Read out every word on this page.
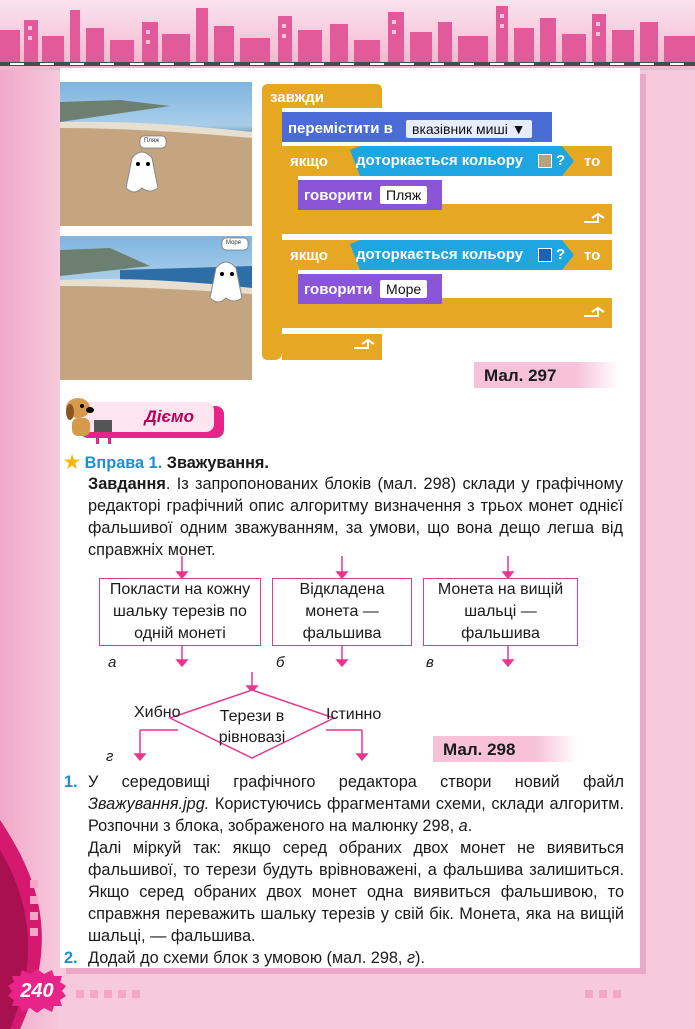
Пляж
Море
завжди
перемістити в	вказівник миші ▼
якщо доторкається кольору ? то
говорити Пляж
якщо доторкається кольору ? то
говорити Море
Мал. 297
Діємо
★ Вправа 1. Зважування.
Завдання. Із запропонованих блоків (мал. 298) склади у графічному редакторі графічний опис алгоритму визначення з трьох монет однієї фальшивої одним зважуванням, за умови, що вона дещо легша від справжніх монет.
Покласти на кожну шальку терезів по одній монеті
Відкладена монета — фальшива
Монета на вищій шальці — фальшива
а	б	в
г
Терези в рівновазі
Хибно	Істинно
Мал. 298
1. У середовищі графічного редактора створи новий файл Зважування.jpg. Користуючись фрагментами схеми, склади алгоритм. Розпочни з блока, зображеного на малюнку 298, а.
Далі міркуй так: якщо серед обраних двох монет не виявиться фальшивої, то терези будуть врівноважені, а фальшива залишиться. Якщо серед обраних двох монет одна виявиться фальшивою, то справжня переважить шальку терезів у свій бік. Монета, яка на вищій шальці, — фальшива.
2. Додай до схеми блок з умовою (мал. 298, г).
240
